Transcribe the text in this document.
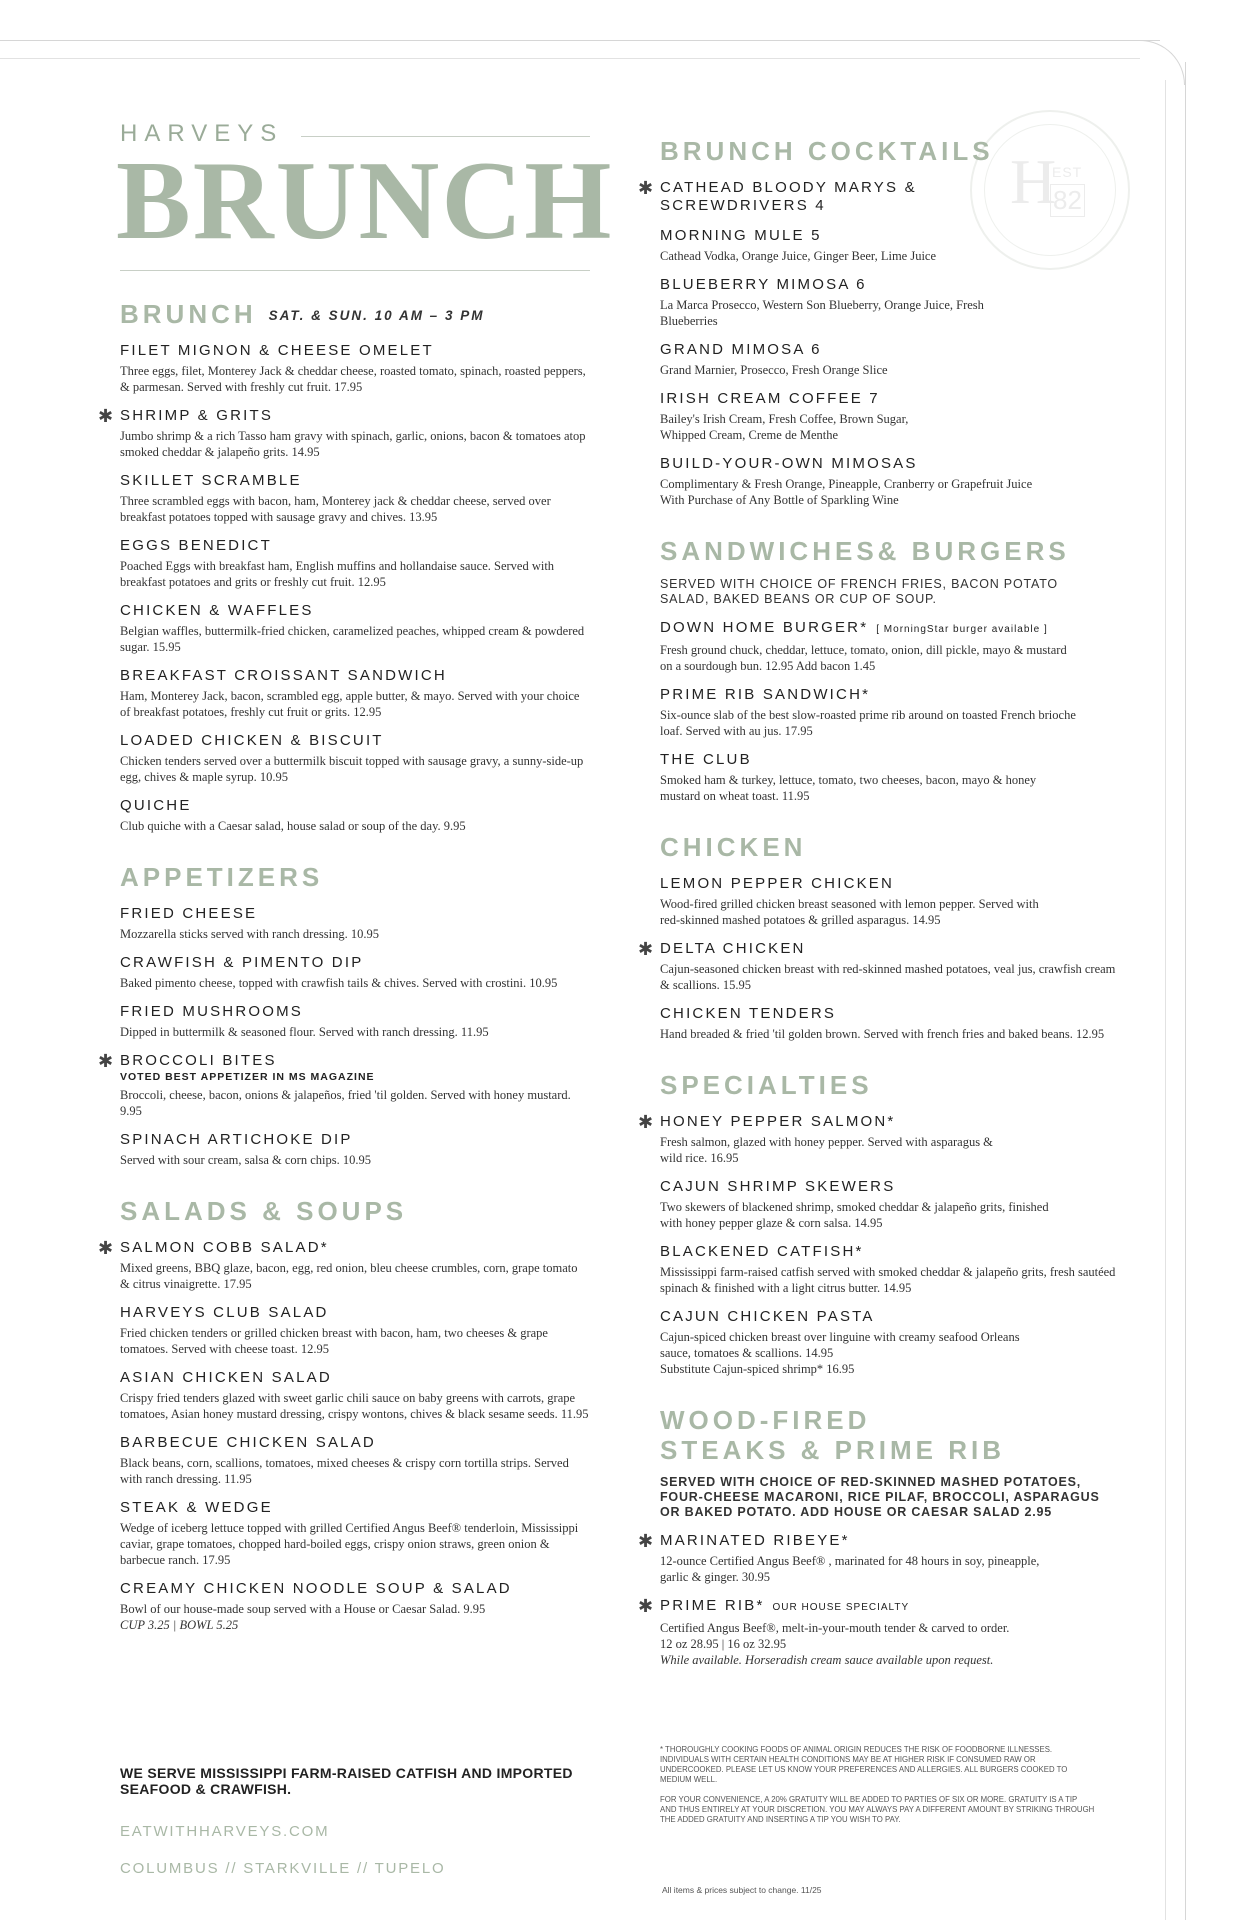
H
EST
82
HARVEYS
BRUNCH
BRUNCH SAT. & SUN. 10 AM – 3 PM
FILET MIGNON & CHEESE OMELET
Three eggs, filet, Monterey Jack & cheddar cheese, roasted tomato, spinach, roasted peppers, & parmesan. Served with freshly cut fruit. 17.95
✱ SHRIMP & GRITS
Jumbo shrimp & a rich Tasso ham gravy with spinach, garlic, onions, bacon & tomatoes atop smoked cheddar & jalapeño grits. 14.95
SKILLET SCRAMBLE
Three scrambled eggs with bacon, ham, Monterey jack & cheddar cheese, served over breakfast potatoes topped with sausage gravy and chives. 13.95
EGGS BENEDICT
Poached Eggs with breakfast ham, English muffins and hollandaise sauce. Served with breakfast potatoes and grits or freshly cut fruit. 12.95
CHICKEN & WAFFLES
Belgian waffles, buttermilk-fried chicken, caramelized peaches, whipped cream & powdered sugar. 15.95
BREAKFAST CROISSANT SANDWICH
Ham, Monterey Jack, bacon, scrambled egg, apple butter, & mayo. Served with your choice of breakfast potatoes, freshly cut fruit or grits. 12.95
LOADED CHICKEN & BISCUIT
Chicken tenders served over a buttermilk biscuit topped with sausage gravy, a sunny-side-up egg, chives & maple syrup. 10.95
QUICHE
Club quiche with a Caesar salad, house salad or soup of the day. 9.95
APPETIZERS
FRIED CHEESE
Mozzarella sticks served with ranch dressing. 10.95
CRAWFISH & PIMENTO DIP
Baked pimento cheese, topped with crawfish tails & chives. Served with crostini. 10.95
FRIED MUSHROOMS
Dipped in buttermilk & seasoned flour. Served with ranch dressing. 11.95
✱ BROCCOLI BITES
VOTED BEST APPETIZER IN MS MAGAZINE
Broccoli, cheese, bacon, onions & jalapeños, fried 'til golden. Served with honey mustard. 9.95
SPINACH ARTICHOKE DIP
Served with sour cream, salsa & corn chips. 10.95
SALADS & SOUPS
✱ SALMON COBB SALAD*
Mixed greens, BBQ glaze, bacon, egg, red onion, bleu cheese crumbles, corn, grape tomato & citrus vinaigrette. 17.95
HARVEYS CLUB SALAD
Fried chicken tenders or grilled chicken breast with bacon, ham, two cheeses & grape tomatoes. Served with cheese toast. 12.95
ASIAN CHICKEN SALAD
Crispy fried tenders glazed with sweet garlic chili sauce on baby greens with carrots, grape tomatoes, Asian honey mustard dressing, crispy wontons, chives & black sesame seeds. 11.95
BARBECUE CHICKEN SALAD
Black beans, corn, scallions, tomatoes, mixed cheeses & crispy corn tortilla strips. Served with ranch dressing. 11.95
STEAK & WEDGE
Wedge of iceberg lettuce topped with grilled Certified Angus Beef® tenderloin, Mississippi caviar, grape tomatoes, chopped hard-boiled eggs, crispy onion straws, green onion & barbecue ranch. 17.95
CREAMY CHICKEN NOODLE SOUP & SALAD
Bowl of our house-made soup served with a House or Caesar Salad. 9.95
CUP 3.25 | BOWL 5.25
WE SERVE MISSISSIPPI FARM-RAISED CATFISH AND IMPORTED SEAFOOD & CRAWFISH.
EATWITHHARVEYS.COM
COLUMBUS // STARKVILLE // TUPELO
BRUNCH COCKTAILS
✱ CATHEAD BLOODY MARYS & SCREWDRIVERS 4
MORNING MULE 5
Cathead Vodka, Orange Juice, Ginger Beer, Lime Juice
BLUEBERRY MIMOSA 6
La Marca Prosecco, Western Son Blueberry, Orange Juice, Fresh Blueberries
GRAND MIMOSA 6
Grand Marnier, Prosecco, Fresh Orange Slice
IRISH CREAM COFFEE 7
Bailey's Irish Cream, Fresh Coffee, Brown Sugar, Whipped Cream, Creme de Menthe
BUILD-YOUR-OWN MIMOSAS
Complimentary & Fresh Orange, Pineapple, Cranberry or Grapefruit Juice With Purchase of Any Bottle of Sparkling Wine
SANDWICHES& BURGERS
SERVED WITH CHOICE OF FRENCH FRIES, BACON POTATO SALAD, BAKED BEANS OR CUP OF SOUP.
DOWN HOME BURGER* [ MorningStar burger available ]
Fresh ground chuck, cheddar, lettuce, tomato, onion, dill pickle, mayo & mustard on a sourdough bun. 12.95 Add bacon 1.45
PRIME RIB SANDWICH*
Six-ounce slab of the best slow-roasted prime rib around on toasted French brioche loaf. Served with au jus. 17.95
THE CLUB
Smoked ham & turkey, lettuce, tomato, two cheeses, bacon, mayo & honey mustard on wheat toast. 11.95
CHICKEN
LEMON PEPPER CHICKEN
Wood-fired grilled chicken breast seasoned with lemon pepper. Served with red-skinned mashed potatoes & grilled asparagus. 14.95
✱ DELTA CHICKEN
Cajun-seasoned chicken breast with red-skinned mashed potatoes, veal jus, crawfish cream & scallions. 15.95
CHICKEN TENDERS
Hand breaded & fried 'til golden brown. Served with french fries and baked beans. 12.95
SPECIALTIES
✱ HONEY PEPPER SALMON*
Fresh salmon, glazed with honey pepper. Served with asparagus & wild rice. 16.95
CAJUN SHRIMP SKEWERS
Two skewers of blackened shrimp, smoked cheddar & jalapeño grits, finished with honey pepper glaze & corn salsa. 14.95
BLACKENED CATFISH*
Mississippi farm-raised catfish served with smoked cheddar & jalapeño grits, fresh sautéed spinach & finished with a light citrus butter. 14.95
CAJUN CHICKEN PASTA
Cajun-spiced chicken breast over linguine with creamy seafood Orleans sauce, tomatoes & scallions. 14.95
Substitute Cajun-spiced shrimp* 16.95
WOOD-FIRED
STEAKS & PRIME RIB
SERVED WITH CHOICE OF RED-SKINNED MASHED POTATOES, FOUR-CHEESE MACARONI, RICE PILAF, BROCCOLI, ASPARAGUS OR BAKED POTATO. ADD HOUSE OR CAESAR SALAD 2.95
✱ MARINATED RIBEYE*
12-ounce Certified Angus Beef® , marinated for 48 hours in soy, pineapple, garlic & ginger. 30.95
✱ PRIME RIB* OUR HOUSE SPECIALTY
Certified Angus Beef®, melt-in-your-mouth tender & carved to order.
12 oz 28.95 | 16 oz 32.95
While available. Horseradish cream sauce available upon request.

* THOROUGHLY COOKING FOODS OF ANIMAL ORIGIN REDUCES THE RISK OF FOODBORNE ILLNESSES. INDIVIDUALS WITH CERTAIN HEALTH CONDITIONS MAY BE AT HIGHER RISK IF CONSUMED RAW OR UNDERCOOKED. PLEASE LET US KNOW YOUR PREFERENCES AND ALLERGIES. ALL BURGERS COOKED TO MEDIUM WELL.

FOR YOUR CONVENIENCE, A 20% GRATUITY WILL BE ADDED TO PARTIES OF SIX OR MORE. GRATUITY IS A TIP AND THUS ENTIRELY AT YOUR DISCRETION. YOU MAY ALWAYS PAY A DIFFERENT AMOUNT BY STRIKING THROUGH THE ADDED GRATUITY AND INSERTING A TIP YOU WISH TO PAY.

All items & prices subject to change. 11/25
